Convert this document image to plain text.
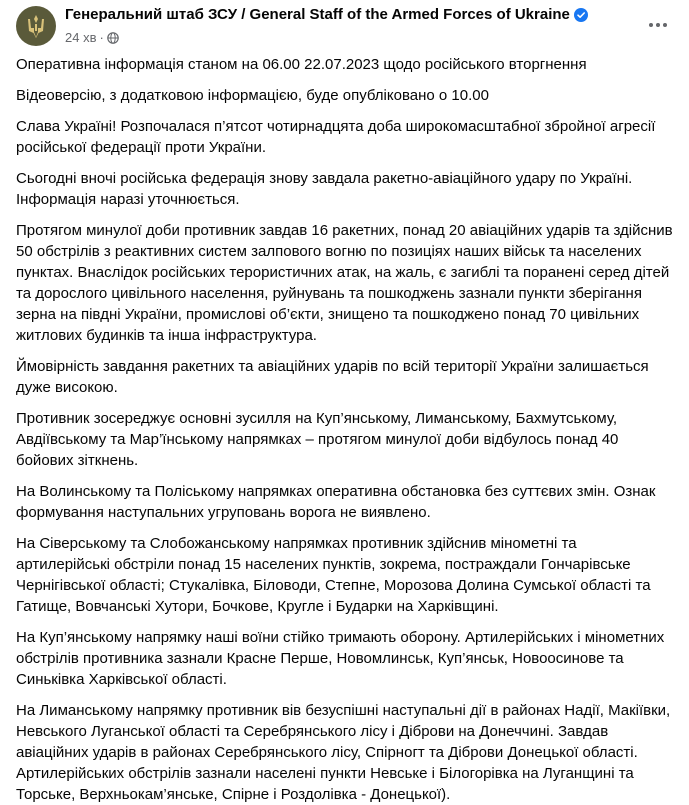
Генеральний штаб ЗСУ / General Staff of the Armed Forces of Ukraine
24 хв ·

Оперативна інформація станом на 06.00 22.07.2023 щодо російського вторгнення

Відеоверсію, з додатковою інформацією, буде опубліковано о 10.00

Слава Україні! Розпочалася п’ятсот чотирнадцята доба широкомасштабної збройної агресії російської федерації проти України.

Сьогодні вночі російська федерація знову завдала ракетно-авіаційного удару по Україні. Інформація наразі уточнюється.

Протягом минулої доби противник завдав 16 ракетних, понад 20 авіаційних ударів та здійснив 50 обстрілів з реактивних систем залпового вогню по позиціях наших військ та населених пунктах. Внаслідок російських терористичних атак, на жаль, є загиблі та поранені серед дітей та дорослого цивільного населення, руйнувань та пошкоджень зазнали пункти зберігання зерна на півдні України, промислові об’єкти, знищено та пошкоджено понад 70 цивільних житлових будинків та інша інфраструктура.

Ймовірність завдання ракетних та авіаційних ударів по всій території України залишається дуже високою.

Противник зосереджує основні зусилля на Куп’янському, Лиманському, Бахмутському, Авдіївському та Мар’їнському напрямках – протягом минулої доби відбулось понад 40 бойових зіткнень.

На Волинському та Поліському напрямках оперативна обстановка без суттєвих змін. Ознак формування наступальних угруповань ворога не виявлено.

На Сіверському та Слобожанському напрямках противник здійснив мінометні та артилерійські обстріли понад 15 населених пунктів, зокрема, постраждали Гончарівське Чернігівської області; Стукалівка, Біловоди, Степне, Морозова Долина Сумської області та Гатище, Вовчанські Хутори, Бочкове, Кругле і Бударки на Харківщині.

На Куп’янському напрямку наші воїни стійко тримають оборону. Артилерійських і мінометних обстрілів противника зазнали Красне Перше, Новомлинськ, Куп’янськ, Новоосинове та Синьківка Харківської області.

На Лиманському напрямку противник вів безуспішні наступальні дії в районах Надії, Макіївки, Невського Луганської області та Серебрянського лісу і Діброви на Донеччині. Завдав авіаційних ударів в районах Серебрянського лісу, Спірногт та Діброви Донецької області. Артилерійських обстрілів зазнали населені пункти Невське і Білогорівка на Луганщині та Торське, Верхньокам’янське, Спірне і Роздолівка - Донецької).
